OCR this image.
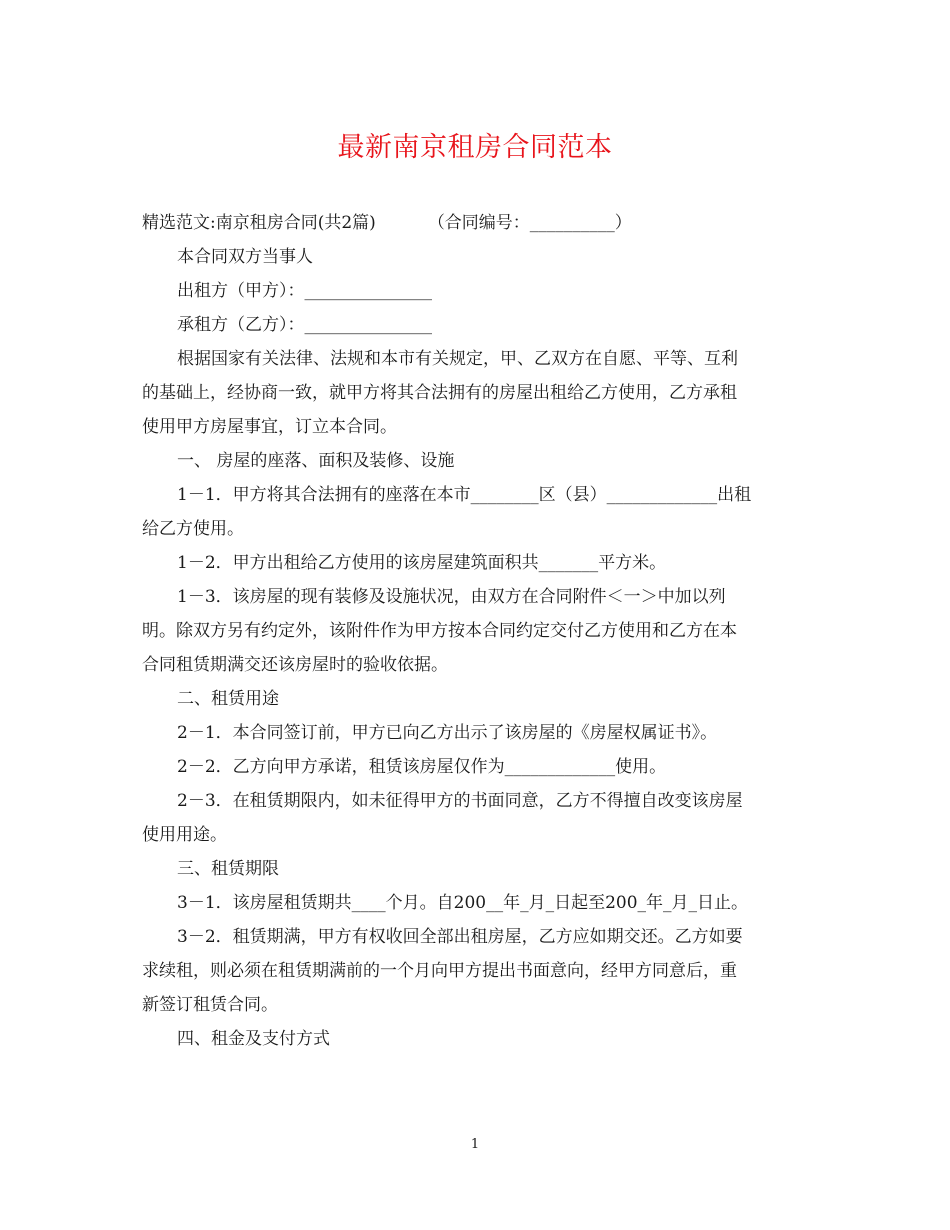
最新南京租房合同范本
精选范文:南京租房合同(共2篇)	（合同编号：__________）
本合同双方当事人
出租方（甲方）：_______________
承租方（乙方）：_______________
根据国家有关法律、法规和本市有关规定，甲、乙双方在自愿、平等、互利
的基础上，经协商一致，就甲方将其合法拥有的房屋出租给乙方使用，乙方承租
使用甲方房屋事宜，订立本合同。
一、 房屋的座落、面积及装修、设施
1－1．甲方将其合法拥有的座落在本市________区（县）_____________出租
给乙方使用。
1－2．甲方出租给乙方使用的该房屋建筑面积共_______平方米。
1－3．该房屋的现有装修及设施状况，由双方在合同附件＜一＞中加以列
明。除双方另有约定外，该附件作为甲方按本合同约定交付乙方使用和乙方在本
合同租赁期满交还该房屋时的验收依据。
二、租赁用途
2－1．本合同签订前，甲方已向乙方出示了该房屋的《房屋权属证书》。
2－2．乙方向甲方承诺，租赁该房屋仅作为_____________使用。
2－3．在租赁期限内，如未征得甲方的书面同意，乙方不得擅自改变该房屋
使用用途。
三、租赁期限
3－1．该房屋租赁期共____个月。自200__年_月_日起至200_年_月_日止。
3－2．租赁期满，甲方有权收回全部出租房屋，乙方应如期交还。乙方如要
求续租，则必须在租赁期满前的一个月向甲方提出书面意向，经甲方同意后，重
新签订租赁合同。
四、租金及支付方式
1
